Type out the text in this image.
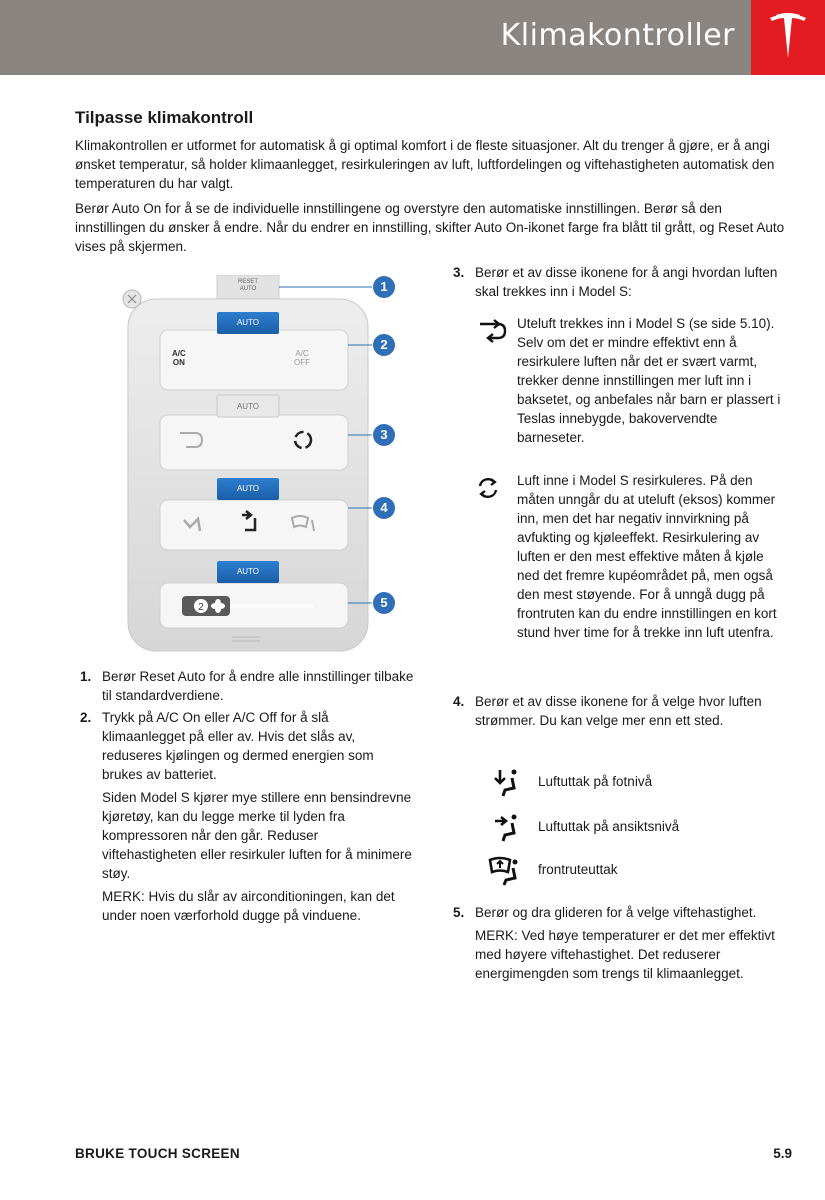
Klimakontroller
Tilpasse klimakontroll
Klimakontrollen er utformet for automatisk å gi optimal komfort i de fleste situasjoner. Alt du trenger å gjøre, er å angi ønsket temperatur, så holder klimaanlegget, resirkuleringen av luft, luftfordelingen og viftehastigheten automatisk den temperaturen du har valgt.
Berør Auto On for å se de individuelle innstillingene og overstyre den automatiske innstillingen. Berør så den innstillingen du ønsker å endre. Når du endrer en innstilling, skifter Auto On-ikonet farge fra blått til grått, og Reset Auto vises på skjermen.
2
RESET
AUTO
AUTO
A/C
ON
A/C
OFF
AUTO
AUTO
AUTO
1
2
3
4
5
1. Berør Reset Auto for å endre alle innstillinger tilbake til standardverdiene.
2. Trykk på A/C On eller A/C Off for å slå klimaanlegget på eller av. Hvis det slås av, reduseres kjølingen og dermed energien som brukes av batteriet.
Siden Model S kjører mye stillere enn bensindrevne kjøretøy, kan du legge merke til lyden fra kompressoren når den går. Reduser viftehastigheten eller resirkuler luften for å minimere støy.
MERK: Hvis du slår av airconditioningen, kan det under noen værforhold dugge på vinduene.
3. Berør et av disse ikonene for å angi hvordan luften skal trekkes inn i Model S:
Uteluft trekkes inn i Model S (se side 5.10). Selv om det er mindre effektivt enn å resirkulere luften når det er svært varmt, trekker denne innstillingen mer luft inn i baksetet, og anbefales når barn er plassert i Teslas innebygde, bakovervendte barneseter.
Luft inne i Model S resirkuleres. På den måten unngår du at uteluft (eksos) kommer inn, men det har negativ innvirkning på avfukting og kjøleeffekt. Resirkulering av luften er den mest effektive måten å kjøle ned det fremre kupéområdet på, men også den mest støyende. For å unngå dugg på frontruten kan du endre innstillingen en kort stund hver time for å trekke inn luft utenfra.
4. Berør et av disse ikonene for å velge hvor luften strømmer. Du kan velge mer enn ett sted.
Luftuttak på fotnivå
Luftuttak på ansiktsnivå
frontruteuttak
5. Berør og dra glideren for å velge viftehastighet.
MERK: Ved høye temperaturer er det mer effektivt med høyere viftehastighet. Det reduserer energimengden som trengs til klimaanlegget.
BRUKE TOUCH SCREEN	5.9
